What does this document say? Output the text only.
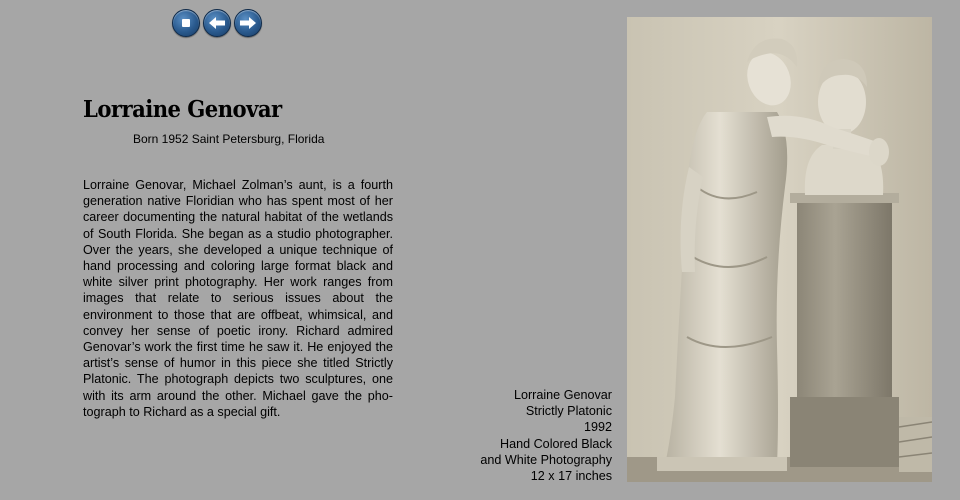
Lorraine Genovar
Born 1952 Saint Petersburg, Florida

Lorraine Genovar, Michael Zolman’s aunt, is a fourth generation native Floridian who has spent most of her career documenting the natural habitat of the wetlands of South Florida. She began as a studio photographer. Over the years, she developed a unique technique of hand processing and coloring large format black and white silver print photography. Her work ranges from images that relate to serious issues about the environment to those that are offbeat, whimsical, and convey her sense of poetic irony. Richard admired Genovar’s work the first time he saw it. He enjoyed the artist’s sense of humor in this piece she titled Strictly Platonic. The photograph depicts two sculptures, one with its arm around the other. Michael gave the photograph to Richard as a special gift.

Lorraine Genovar
Strictly Platonic
1992
Hand Colored Black
and White Photography
12 x 17 inches
